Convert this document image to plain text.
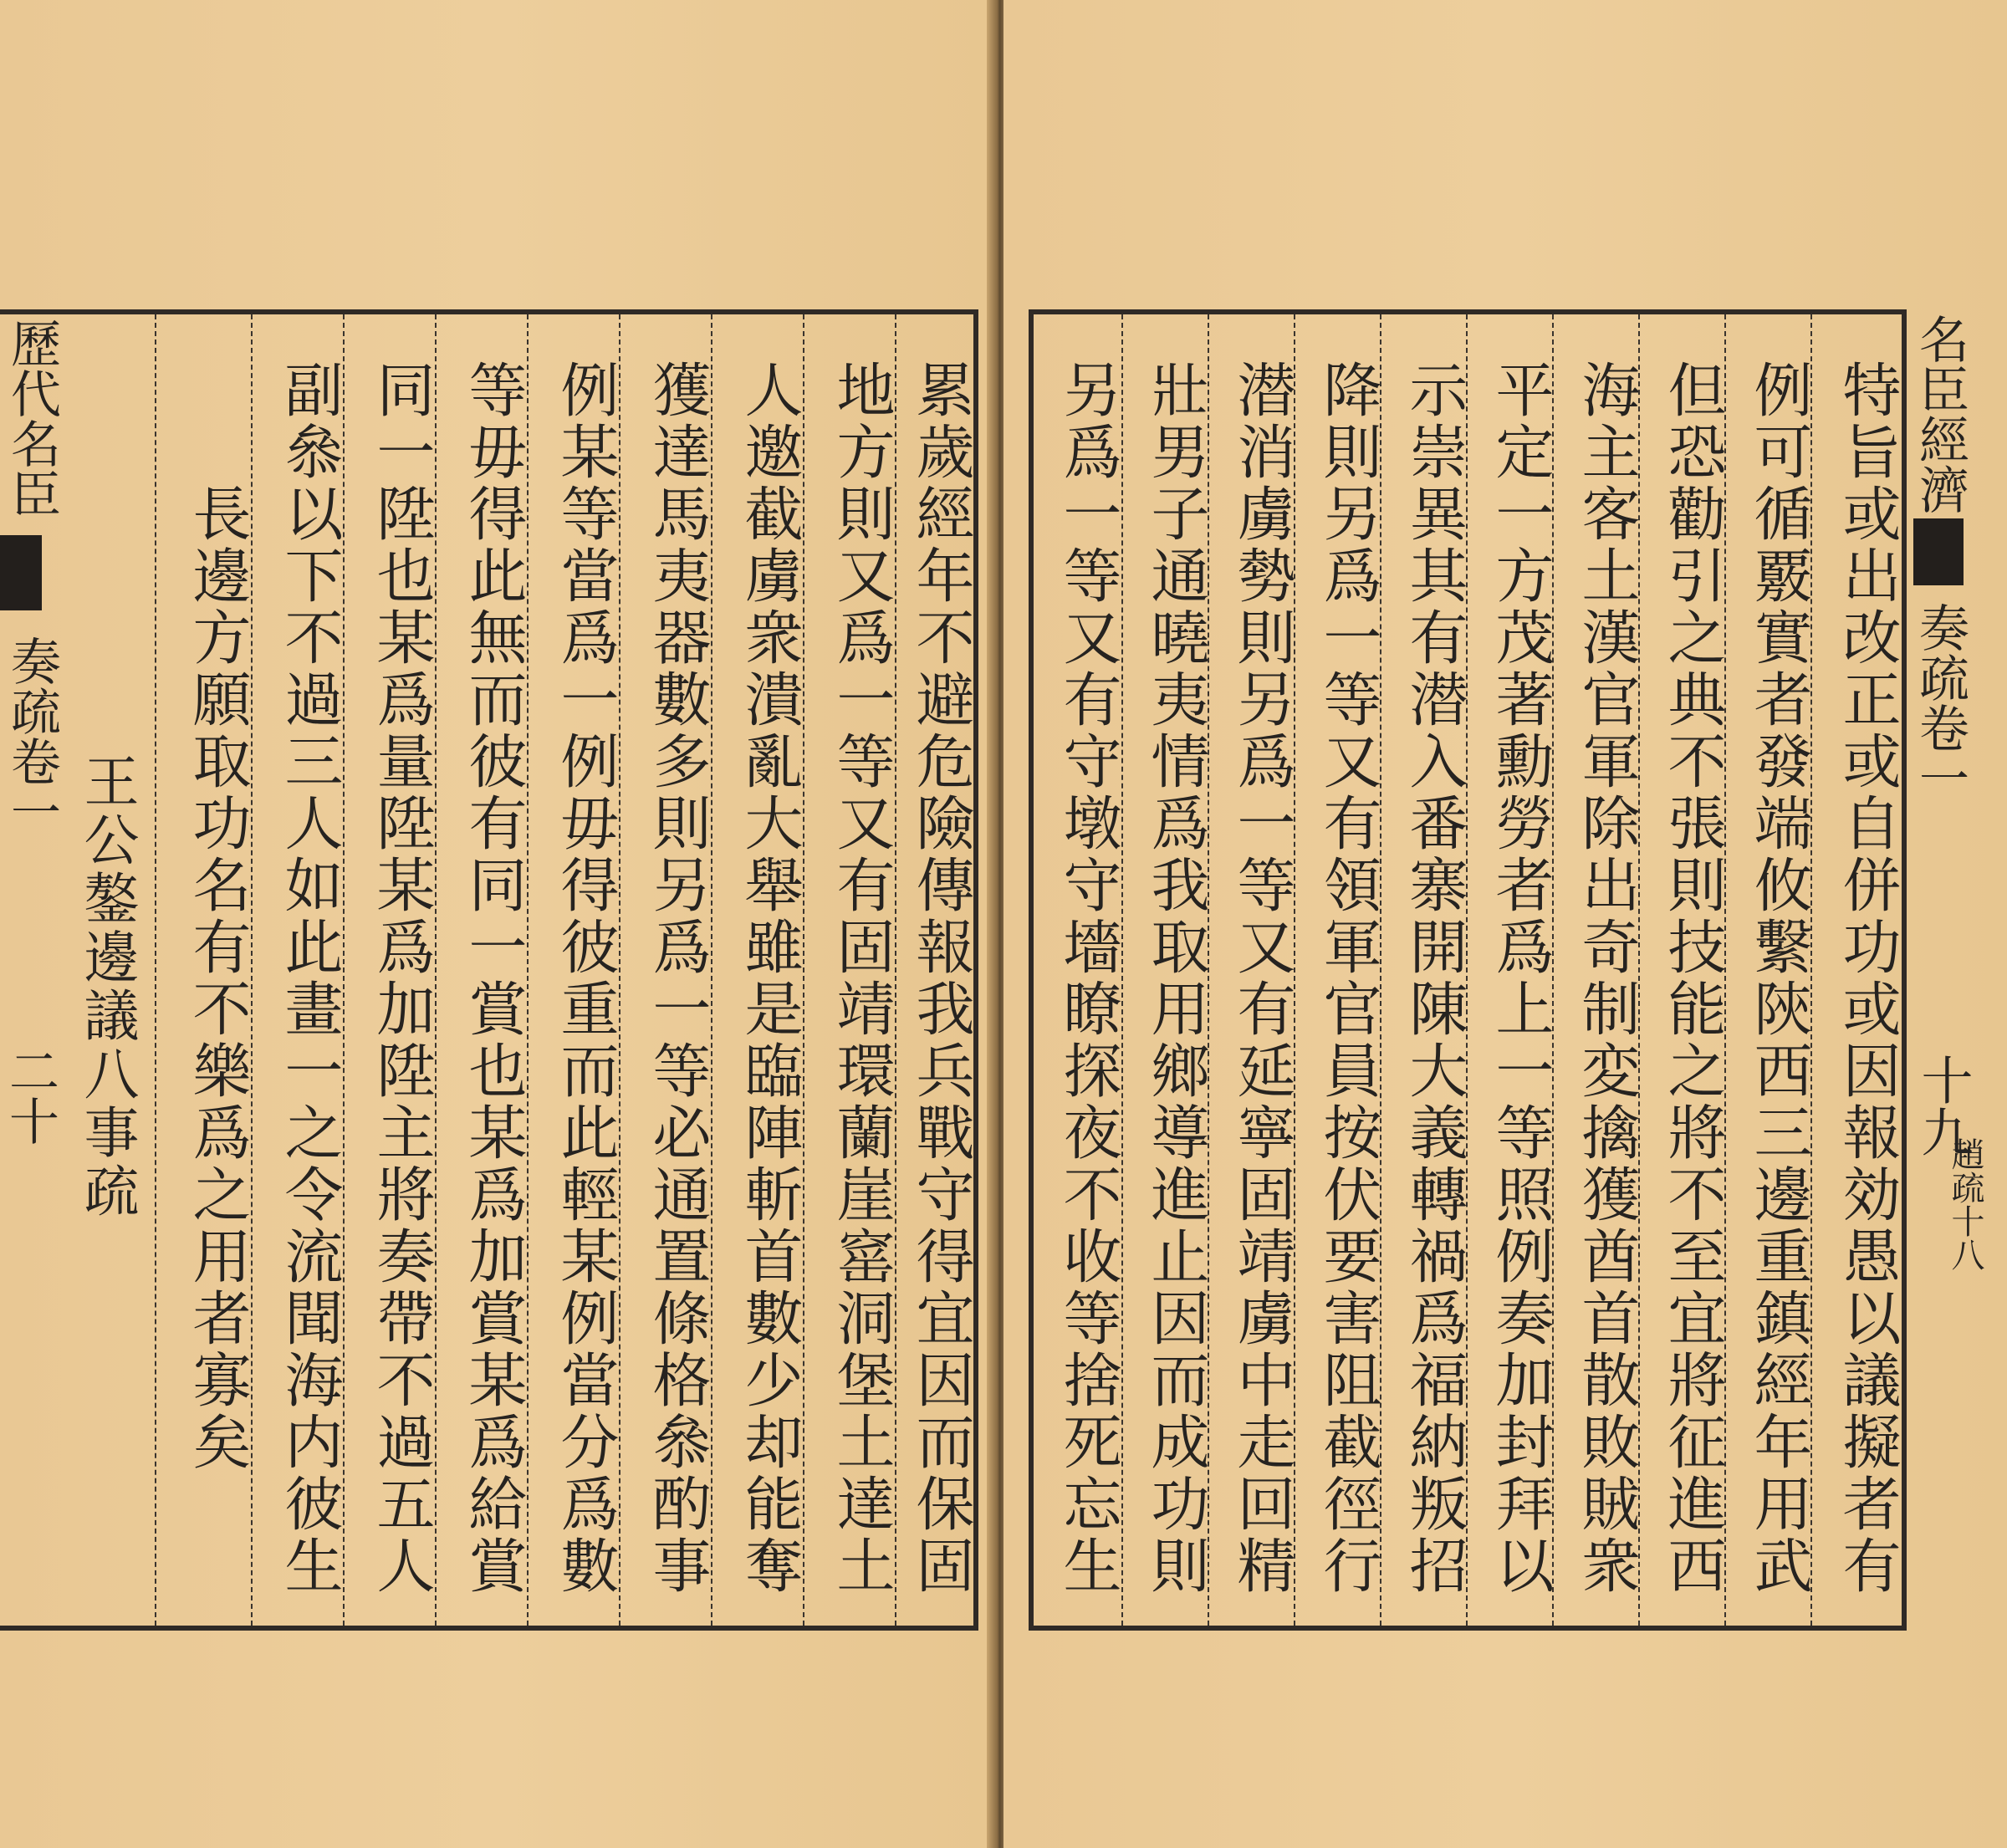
王公鏊邊議八事疏 長邊方願取功名有不樂爲之用者寡矣 副叅以下不過三人如此畫一之令流聞海内彼生 同一陞也某爲量陞某爲加陞主將奏帶不過五人 等毋得此無而彼有同一賞也某爲加賞某爲給賞 例某等當爲一例毋得彼重而此輕某例當分爲數 獲達馬夷器數多則另爲一等必通置條格叅酌事 人邀截虜衆潰亂大舉雖是臨陣斬首數少却能奪 地方則又爲一等又有固靖環蘭崖窰洞堡土達土 累歲經年不避危險傳報我兵戰守得宜因而保固
歷代名臣
奏疏卷一
二十	另爲一等又有守墩守墻瞭探夜不收等捨死忘生 壯男子通曉夷情爲我取用鄉導進止因而成功則 潜消虜勢則另爲一等又有延寧固靖虜中走回精 降則另爲一等又有領軍官員按伏要害阻截徑行 示崇異其有潜入番寨開陳大義轉禍爲福納叛招 平定一方茂著勳勞者爲上一等照例奏加封拜以 海主客土漢官軍除出奇制変擒獲酋首散敗賊衆 但恐勸引之典不張則技能之將不至宜將征進西 例可循覈實者發端攸繫陝西三邊重鎮經年用武 特旨或出改正或自併功或因報効愚以議擬者有 名臣經濟
奏疏卷一
十九
趙疏十八
